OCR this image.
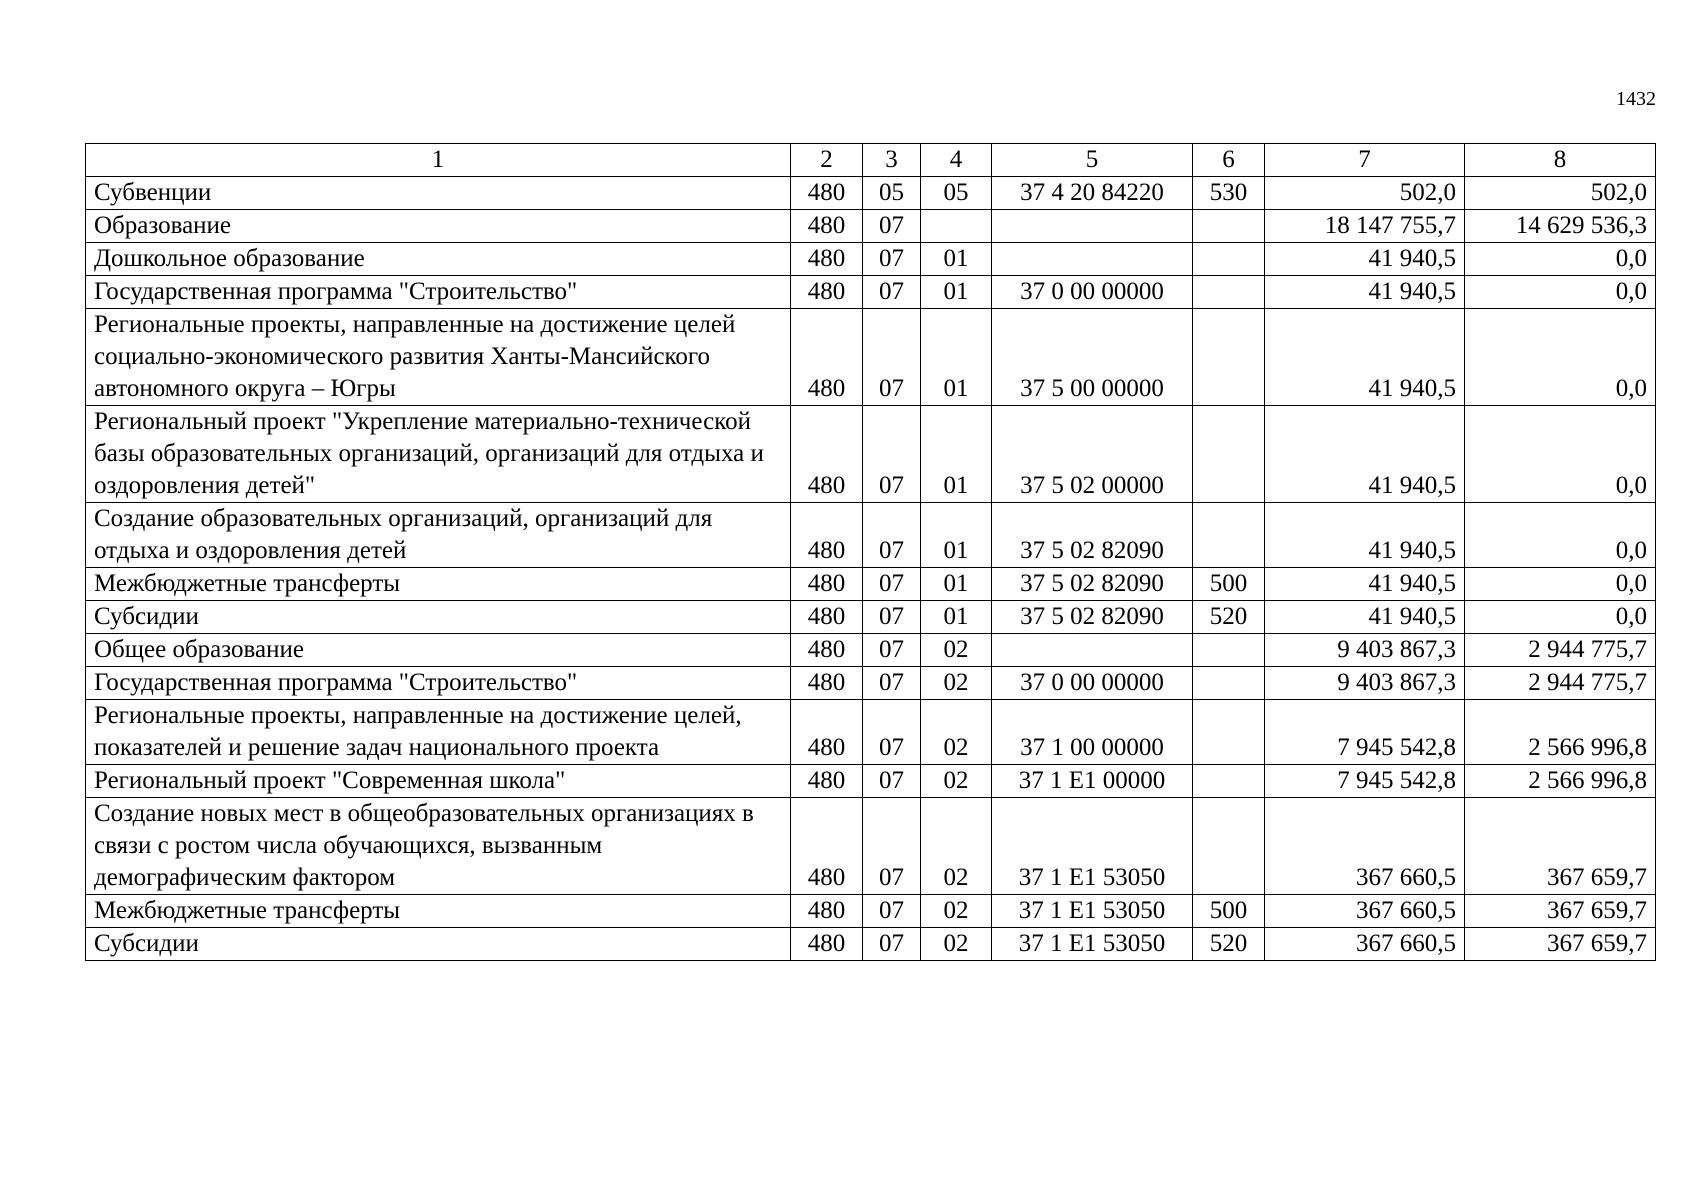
1432
1	2	3	4	5	6	7	8
Субвенции	480	05	05	37 4 20 84220	530	502,0	502,0
Образование	480	07				18 147 755,7	14 629 536,3
Дошкольное образование	480	07	01			41 940,5	0,0
Государственная программа "Строительство"	480	07	01	37 0 00 00000		41 940,5	0,0
Региональные проекты, направленные на достижение целей социально-экономического развития Ханты-Мансийского автономного округа – Югры	480	07	01	37 5 00 00000		41 940,5	0,0
Региональный проект "Укрепление материально-технической базы образовательных организаций, организаций для отдыха и оздоровления детей"	480	07	01	37 5 02 00000		41 940,5	0,0
Создание образовательных организаций, организаций для отдыха и оздоровления детей	480	07	01	37 5 02 82090		41 940,5	0,0
Межбюджетные трансферты	480	07	01	37 5 02 82090	500	41 940,5	0,0
Субсидии	480	07	01	37 5 02 82090	520	41 940,5	0,0
Общее образование	480	07	02			9 403 867,3	2 944 775,7
Государственная программа "Строительство"	480	07	02	37 0 00 00000		9 403 867,3	2 944 775,7
Региональные проекты, направленные на достижение целей, показателей и решение задач национального проекта	480	07	02	37 1 00 00000		7 945 542,8	2 566 996,8
Региональный проект "Современная школа"	480	07	02	37 1 E1 00000		7 945 542,8	2 566 996,8
Создание новых мест в общеобразовательных организациях в связи с ростом числа обучающихся, вызванным демографическим фактором	480	07	02	37 1 E1 53050		367 660,5	367 659,7
Межбюджетные трансферты	480	07	02	37 1 E1 53050	500	367 660,5	367 659,7
Субсидии	480	07	02	37 1 E1 53050	520	367 660,5	367 659,7
